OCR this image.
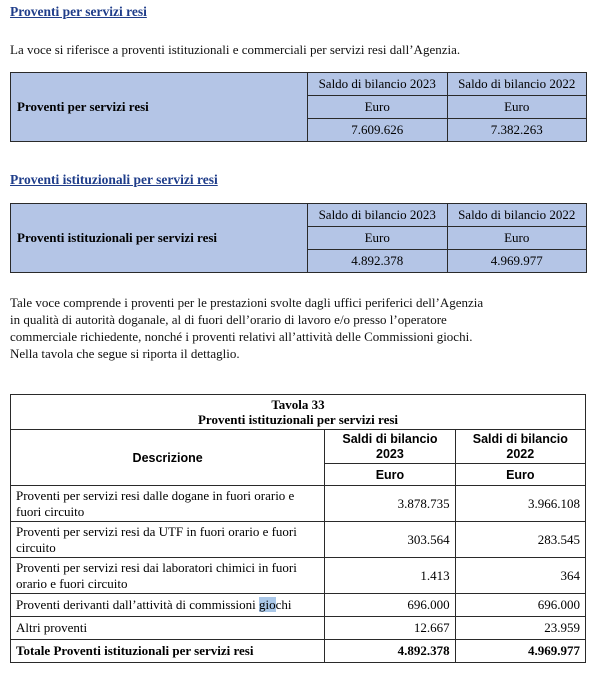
Proventi per servizi resi
La voce si riferisce a proventi istituzionali e commerciali per servizi resi dall’Agenzia.
Proventi per servizi resi	Saldo di bilancio 2023	Saldo di bilancio 2022
	Euro	Euro
	7.609.626	7.382.263
Proventi istituzionali per servizi resi
Proventi istituzionali per servizi resi	Saldo di bilancio 2023	Saldo di bilancio 2022
	Euro	Euro
	4.892.378	4.969.977
Tale voce comprende i proventi per le prestazioni svolte dagli uffici periferici dell’Agenzia
in qualità di autorità doganale, al di fuori dell’orario di lavoro e/o presso l’operatore
commerciale richiedente, nonché i proventi relativi all’attività delle Commissioni giochi.
Nella tavola che segue si riporta il dettaglio.
Tavola 33
Proventi istituzionali per servizi resi		

Descrizione	Saldi di bilancio 2023	Saldi di bilancio 2022
	Euro	Euro
Proventi per servizi resi dalle dogane in fuori orario e fuori circuito	3.878.735	3.966.108
Proventi per servizi resi da UTF in fuori orario e fuori circuito	303.564	283.545
Proventi per servizi resi dai laboratori chimici in fuori orario e fuori circuito	1.413	364
Proventi derivanti dall’attività di commissioni giochi	696.000	696.000
Altri proventi	12.667	23.959
Totale Proventi istituzionali per servizi resi	4.892.378	4.969.977
